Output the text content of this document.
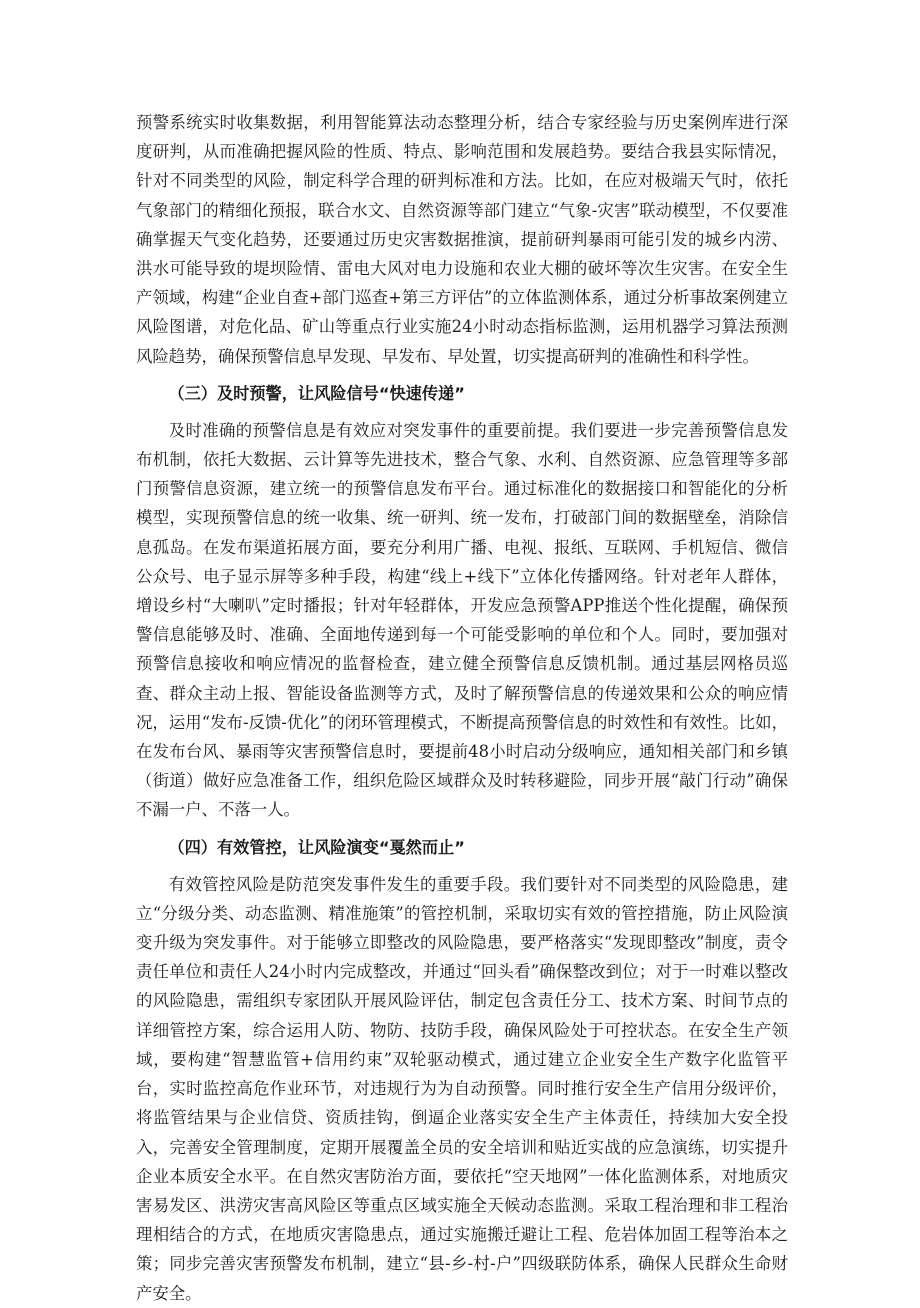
预警系统实时收集数据，利用智能算法动态整理分析，结合专家经验与历史案例库进行深度研判，从而准确把握风险的性质、特点、影响范围和发展趋势。要结合我县实际情况，针对不同类型的风险，制定科学合理的研判标准和方法。比如，在应对极端天气时，依托气象部门的精细化预报，联合水文、自然资源等部门建立“气象-灾害”联动模型，不仅要准确掌握天气变化趋势，还要通过历史灾害数据推演，提前研判暴雨可能引发的城乡内涝、洪水可能导致的堤坝险情、雷电大风对电力设施和农业大棚的破坏等次生灾害。在安全生产领域，构建“企业自查+部门巡查+第三方评估”的立体监测体系，通过分析事故案例建立风险图谱，对危化品、矿山等重点行业实施24小时动态指标监测，运用机器学习算法预测风险趋势，确保预警信息早发现、早发布、早处置，切实提高研判的准确性和科学性。

（三）及时预警，让风险信号“快速传递”

及时准确的预警信息是有效应对突发事件的重要前提。我们要进一步完善预警信息发布机制，依托大数据、云计算等先进技术，整合气象、水利、自然资源、应急管理等多部门预警信息资源，建立统一的预警信息发布平台。通过标准化的数据接口和智能化的分析模型，实现预警信息的统一收集、统一研判、统一发布，打破部门间的数据壁垒，消除信息孤岛。在发布渠道拓展方面，要充分利用广播、电视、报纸、互联网、手机短信、微信公众号、电子显示屏等多种手段，构建“线上+线下”立体化传播网络。针对老年人群体，增设乡村“大喇叭”定时播报；针对年轻群体，开发应急预警APP推送个性化提醒，确保预警信息能够及时、准确、全面地传递到每一个可能受影响的单位和个人。同时，要加强对预警信息接收和响应情况的监督检查，建立健全预警信息反馈机制。通过基层网格员巡查、群众主动上报、智能设备监测等方式，及时了解预警信息的传递效果和公众的响应情况，运用“发布-反馈-优化”的闭环管理模式，不断提高预警信息的时效性和有效性。比如，在发布台风、暴雨等灾害预警信息时，要提前48小时启动分级响应，通知相关部门和乡镇（街道）做好应急准备工作，组织危险区域群众及时转移避险，同步开展“敲门行动”确保不漏一户、不落一人。

（四）有效管控，让风险演变“戛然而止”

有效管控风险是防范突发事件发生的重要手段。我们要针对不同类型的风险隐患，建立“分级分类、动态监测、精准施策”的管控机制，采取切实有效的管控措施，防止风险演变升级为突发事件。对于能够立即整改的风险隐患，要严格落实“发现即整改”制度，责令责任单位和责任人24小时内完成整改，并通过“回头看”确保整改到位；对于一时难以整改的风险隐患，需组织专家团队开展风险评估，制定包含责任分工、技术方案、时间节点的详细管控方案，综合运用人防、物防、技防手段，确保风险处于可控状态。在安全生产领域，要构建“智慧监管+信用约束”双轮驱动模式，通过建立企业安全生产数字化监管平台，实时监控高危作业环节，对违规行为为自动预警。同时推行安全生产信用分级评价，将监管结果与企业信贷、资质挂钩，倒逼企业落实安全生产主体责任，持续加大安全投入，完善安全管理制度，定期开展覆盖全员的安全培训和贴近实战的应急演练，切实提升企业本质安全水平。在自然灾害防治方面，要依托“空天地网”一体化监测体系，对地质灾害易发区、洪涝灾害高风险区等重点区域实施全天候动态监测。采取工程治理和非工程治理相结合的方式，在地质灾害隐患点，通过实施搬迁避让工程、危岩体加固工程等治本之策；同步完善灾害预警发布机制，建立“县-乡-村-户”四级联防体系，确保人民群众生命财产安全。
